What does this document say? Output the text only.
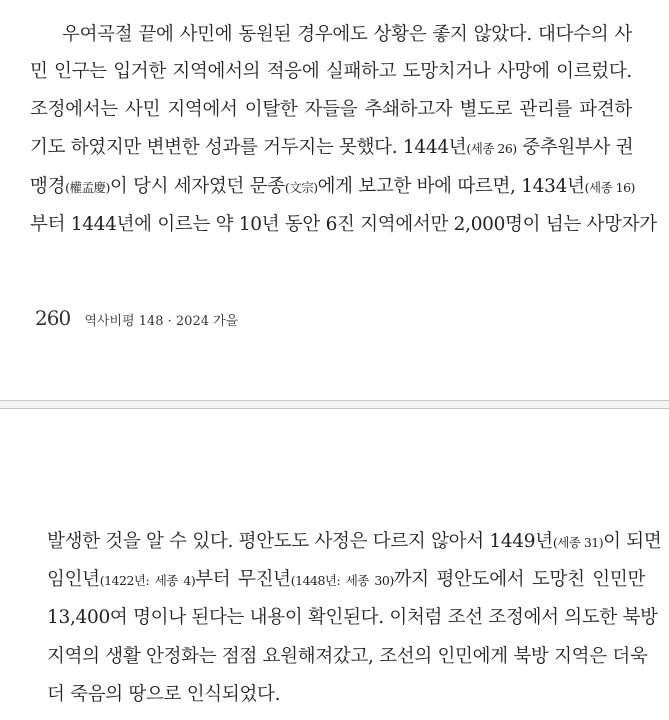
우여곡절 끝에 사민에 동원된 경우에도 상황은 좋지 않았다. 대다수의 사
민 인구는 입거한 지역에서의 적응에 실패하고 도망치거나 사망에 이르렀다.
조정에서는 사민 지역에서 이탈한 자들을 추쇄하고자 별도로 관리를 파견하
기도 하였지만 변변한 성과를 거두지는 못했다. 1444년(세종 26) 중추원부사 권
맹경(權孟慶)이 당시 세자였던 문종(文宗)에게 보고한 바에 따르면, 1434년(세종 16)
부터 1444년에 이르는 약 10년 동안 6진 지역에서만 2,000명이 넘는 사망자가
260 역사비평 148 · 2024 가을
발생한 것을 알 수 있다. 평안도도 사정은 다르지 않아서 1449년(세종 31)이 되면
임인년(1422년: 세종 4)부터 무진년(1448년: 세종 30)까지 평안도에서 도망친 인민만
13,400여 명이나 된다는 내용이 확인된다. 이처럼 조선 조정에서 의도한 북방
지역의 생활 안정화는 점점 요원해져갔고, 조선의 인민에게 북방 지역은 더욱
더 죽음의 땅으로 인식되었다.
